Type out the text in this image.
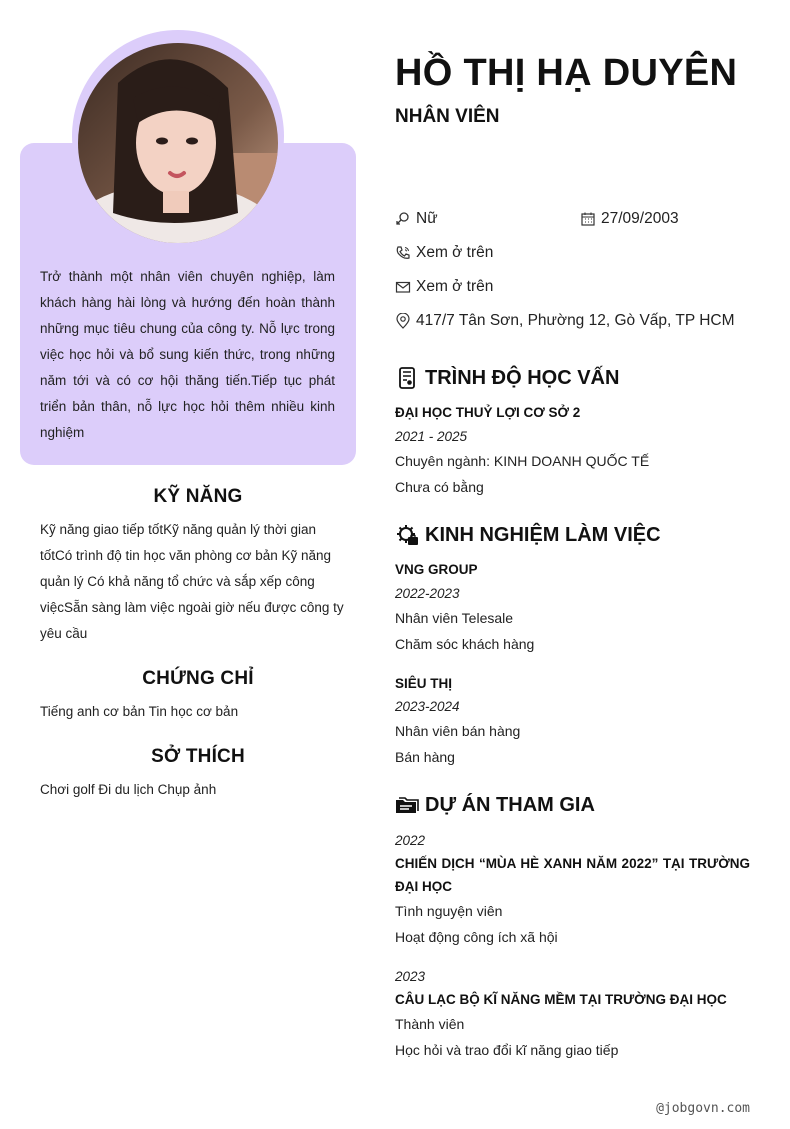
Trở thành một nhân viên chuyên nghiệp, làm khách hàng hài lòng và hướng đến hoàn thành những mục tiêu chung của công ty. Nỗ lực trong việc học hỏi và bổ sung kiến thức, trong những năm tới và có cơ hội thăng tiến.Tiếp tục phát triển bản thân, nỗ lực học hỏi thêm nhiều kinh nghiệm
KỸ NĂNG
Kỹ năng giao tiếp tốtKỹ năng quản lý thời gian tốtCó trình độ tin học văn phòng cơ bản Kỹ năng quản lý Có khả năng tổ chức và sắp xếp công việcSẵn sàng làm việc ngoài giờ nếu được công ty yêu cầu
CHỨNG CHỈ
Tiếng anh cơ bản Tin học cơ bản
SỞ THÍCH
Chơi golf Đi du lịch Chụp ảnh
HỒ THỊ HẠ DUYÊN
NHÂN VIÊN
Nữ	27/09/2003
Xem ở trên
Xem ở trên
417/7 Tân Sơn, Phường 12, Gò Vấp, TP HCM
TRÌNH ĐỘ HỌC VẤN
ĐẠI HỌC THUỶ LỢI CƠ SỞ 2
2021 - 2025
Chuyên ngành: KINH DOANH QUỐC TẾ
Chưa có bằng
KINH NGHIỆM LÀM VIỆC
VNG GROUP
2022-2023
Nhân viên Telesale
Chăm sóc khách hàng
SIÊU THỊ
2023-2024
Nhân viên bán hàng
Bán hàng
DỰ ÁN THAM GIA
2022
CHIẾN DỊCH “MÙA HÈ XANH NĂM 2022” TẠI TRƯỜNG ĐẠI HỌC
Tình nguyện viên
Hoạt động công ích xã hội
2023
CÂU LẠC BỘ KĨ NĂNG MỀM TẠI TRƯỜNG ĐẠI HỌC
Thành viên
Học hỏi và trao đổi kĩ năng giao tiếp
@jobgovn.com
